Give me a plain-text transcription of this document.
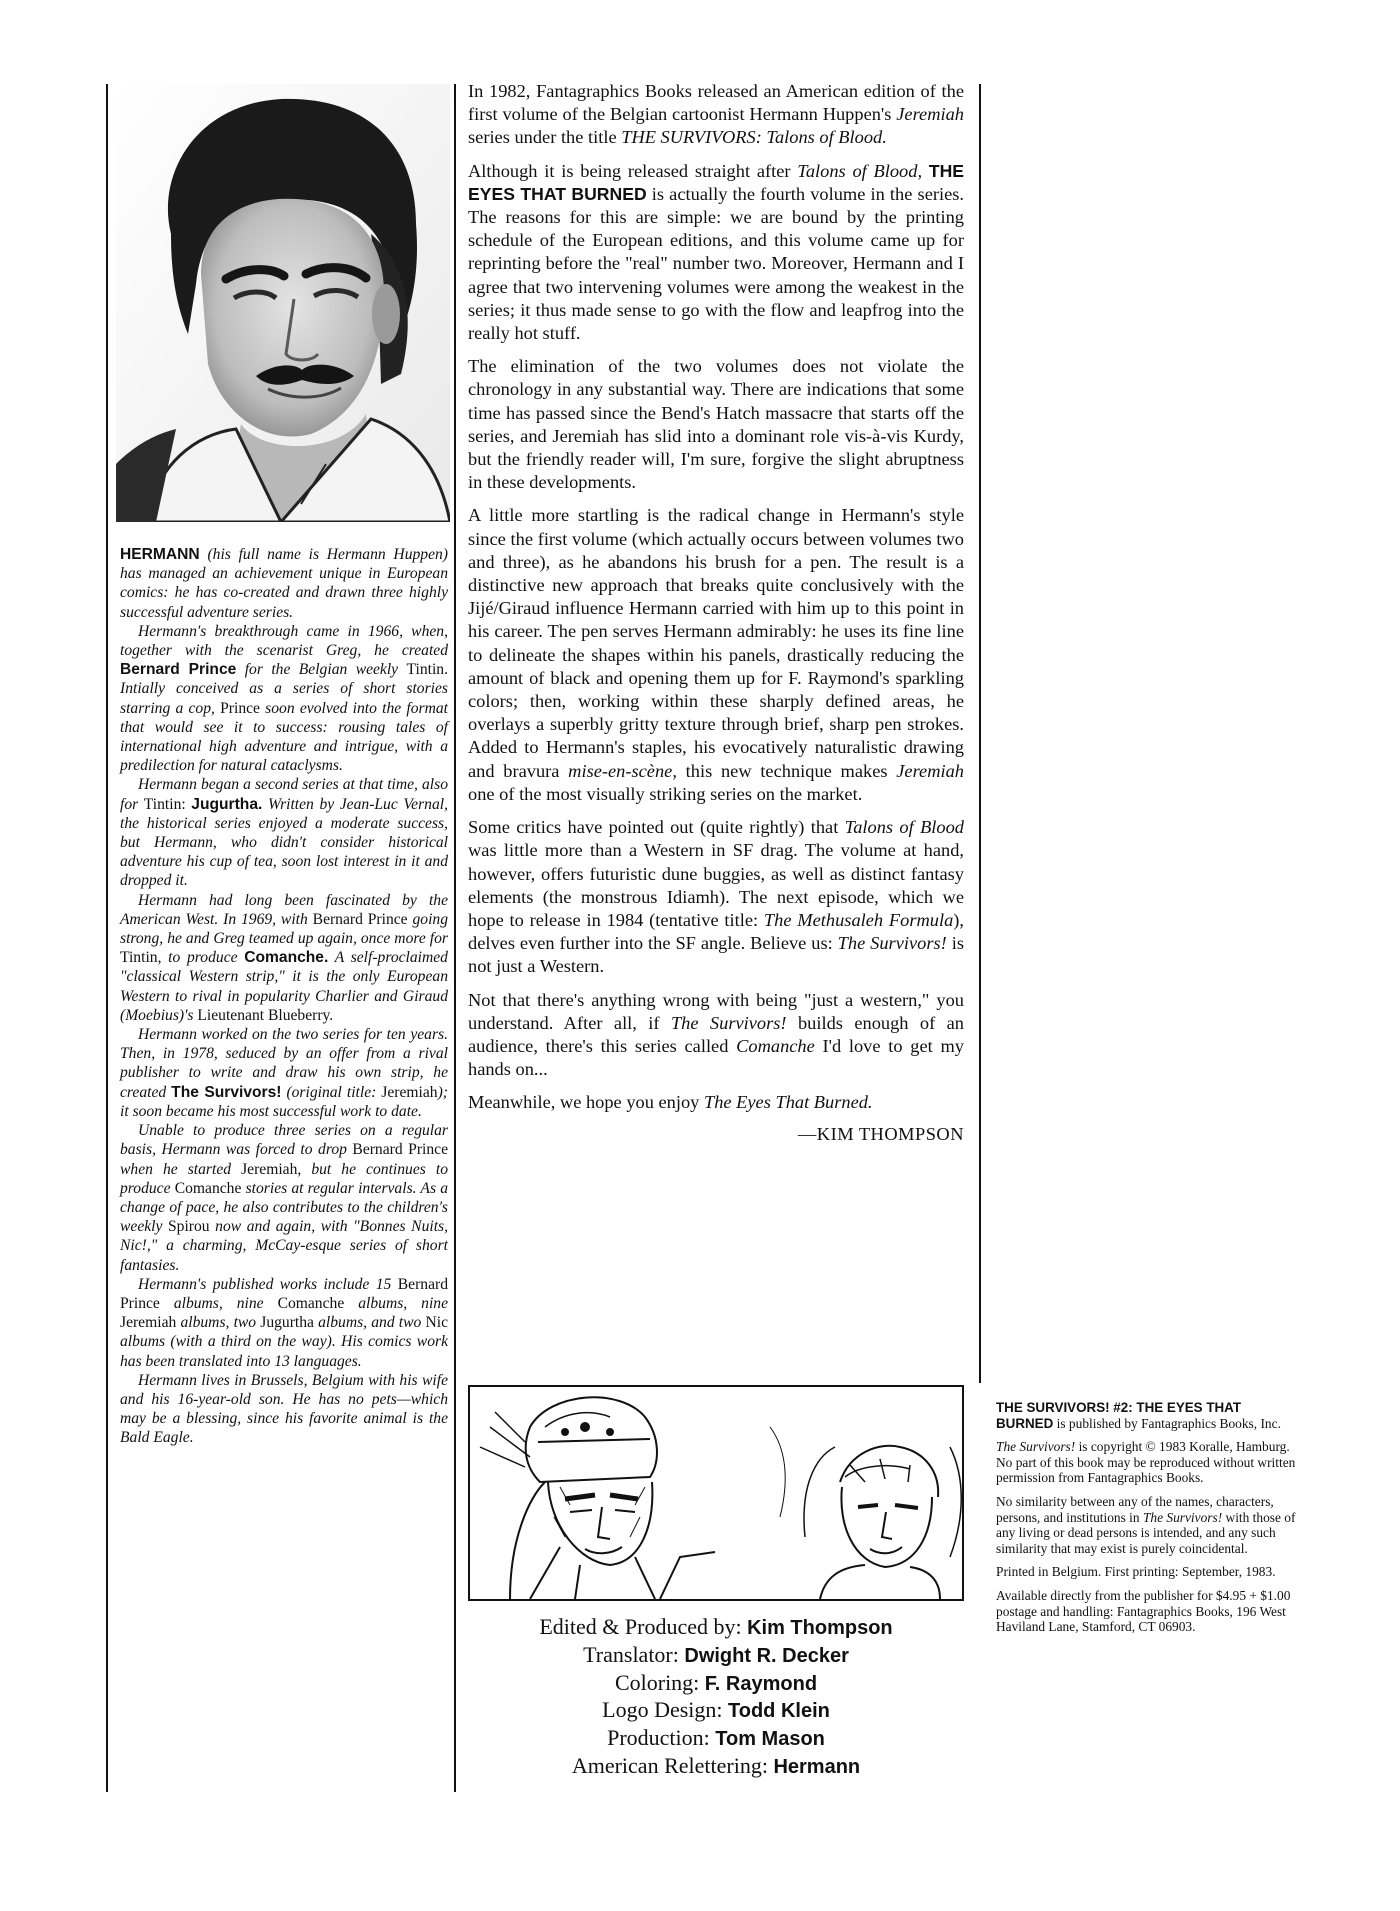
HERMANN (his full name is Hermann Huppen) has managed an achievement unique in European comics: he has co-created and drawn three highly successful adventure series.

Hermann's breakthrough came in 1966, when, together with the scenarist Greg, he created Bernard Prince for the Belgian weekly Tintin. Intially conceived as a series of short stories starring a cop, Prince soon evolved into the format that would see it to success: rousing tales of international high adventure and intrigue, with a predilection for natural cataclysms.

Hermann began a second series at that time, also for Tintin: Jugurtha. Written by Jean-Luc Vernal, the historical series enjoyed a moderate success, but Hermann, who didn't consider historical adventure his cup of tea, soon lost interest in it and dropped it.

Hermann had long been fascinated by the American West. In 1969, with Bernard Prince going strong, he and Greg teamed up again, once more for Tintin, to produce Comanche. A self-proclaimed "classical Western strip," it is the only European Western to rival in popularity Charlier and Giraud (Moebius)'s Lieutenant Blueberry.

Hermann worked on the two series for ten years. Then, in 1978, seduced by an offer from a rival publisher to write and draw his own strip, he created The Survivors! (original title: Jeremiah); it soon became his most successful work to date.

Unable to produce three series on a regular basis, Hermann was forced to drop Bernard Prince when he started Jeremiah, but he continues to produce Comanche stories at regular intervals. As a change of pace, he also contributes to the children's weekly Spirou now and again, with "Bonnes Nuits, Nic!," a charming, McCay-esque series of short fantasies.

Hermann's published works include 15 Bernard Prince albums, nine Comanche albums, nine Jeremiah albums, two Jugurtha albums, and two Nic albums (with a third on the way). His comics work has been translated into 13 languages.

Hermann lives in Brussels, Belgium with his wife and his 16-year-old son. He has no pets—which may be a blessing, since his favorite animal is the Bald Eagle.

In 1982, Fantagraphics Books released an American edition of the first volume of the Belgian cartoonist Hermann Huppen's Jeremiah series under the title THE SURVIVORS: Talons of Blood.

Although it is being released straight after Talons of Blood, THE EYES THAT BURNED is actually the fourth volume in the series. The reasons for this are simple: we are bound by the printing schedule of the European editions, and this volume came up for reprinting before the "real" number two. Moreover, Hermann and I agree that two intervening volumes were among the weakest in the series; it thus made sense to go with the flow and leapfrog into the really hot stuff.

The elimination of the two volumes does not violate the chronology in any substantial way. There are indications that some time has passed since the Bend's Hatch massacre that starts off the series, and Jeremiah has slid into a dominant role vis-à-vis Kurdy, but the friendly reader will, I'm sure, forgive the slight abruptness in these developments.

A little more startling is the radical change in Hermann's style since the first volume (which actually occurs between volumes two and three), as he abandons his brush for a pen. The result is a distinctive new approach that breaks quite conclusively with the Jijé/Giraud influence Hermann carried with him up to this point in his career. The pen serves Hermann admirably: he uses its fine line to delineate the shapes within his panels, drastically reducing the amount of black and opening them up for F. Raymond's sparkling colors; then, working within these sharply defined areas, he overlays a superbly gritty texture through brief, sharp pen strokes. Added to Hermann's staples, his evocatively naturalistic drawing and bravura mise-en-scène, this new technique makes Jeremiah one of the most visually striking series on the market.

Some critics have pointed out (quite rightly) that Talons of Blood was little more than a Western in SF drag. The volume at hand, however, offers futuristic dune buggies, as well as distinct fantasy elements (the monstrous Idiamh). The next episode, which we hope to release in 1984 (tentative title: The Methusaleh Formula), delves even further into the SF angle. Believe us: The Survivors! is not just a Western.

Not that there's anything wrong with being "just a western," you understand. After all, if The Survivors! builds enough of an audience, there's this series called Comanche I'd love to get my hands on...

Meanwhile, we hope you enjoy The Eyes That Burned.

—KIM THOMPSON

Edited & Produced by: Kim Thompson
Translator: Dwight R. Decker
Coloring: F. Raymond
Logo Design: Todd Klein
Production: Tom Mason
American Relettering: Hermann

THE SURVIVORS! #2: THE EYES THAT BURNED is published by Fantagraphics Books, Inc.

The Survivors! is copyright © 1983 Koralle, Hamburg. No part of this book may be reproduced without written permission from Fantagraphics Books.

No similarity between any of the names, characters, persons, and institutions in The Survivors! with those of any living or dead persons is intended, and any such similarity that may exist is purely coincidental.

Printed in Belgium. First printing: September, 1983.

Available directly from the publisher for $4.95 + $1.00 postage and handling: Fantagraphics Books, 196 West Haviland Lane, Stamford, CT 06903.
